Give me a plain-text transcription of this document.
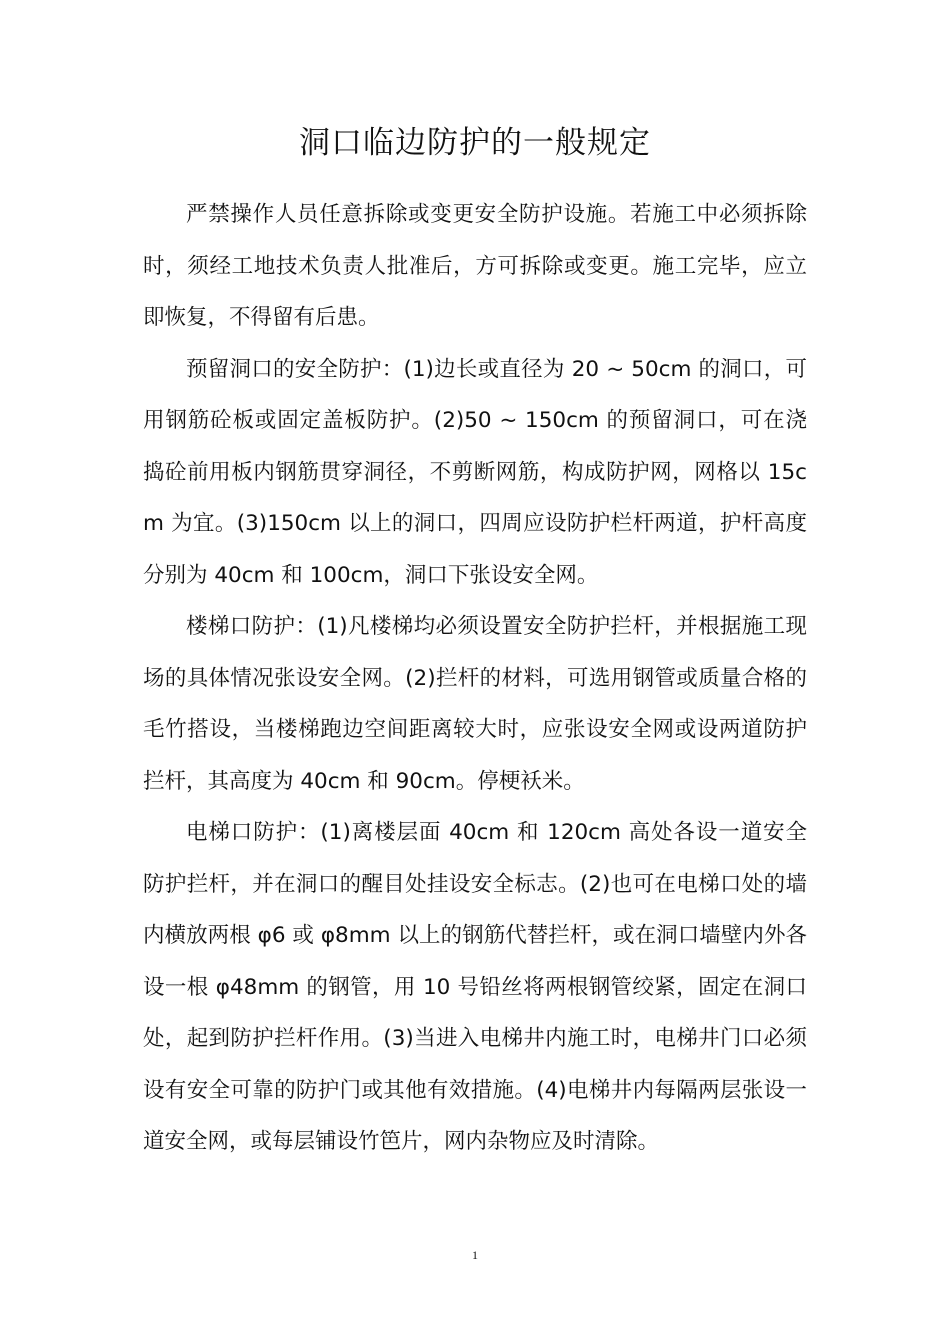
洞口临边防护的一般规定

严禁操作人员任意拆除或变更安全防护设施。若施工中必须拆除时，须经工地技术负责人批准后，方可拆除或变更。施工完毕，应立即恢复，不得留有后患。

预留洞口的安全防护：(1)边长或直径为 20 ~ 50cm 的洞口，可用钢筋砼板或固定盖板防护。(2)50 ~ 150cm 的预留洞口，可在浇捣砼前用板内钢筋贯穿洞径，不剪断网筋，构成防护网，网格以 15cm 为宜。(3)150cm 以上的洞口，四周应设防护栏杆两道，护杆高度分别为 40cm 和 100cm，洞口下张设安全网。

楼梯口防护：(1)凡楼梯均必须设置安全防护拦杆，并根据施工现场的具体情况张设安全网。(2)拦杆的材料，可选用钢管或质量合格的毛竹搭设，当楼梯跑边空间距离较大时，应张设安全网或设两道防护拦杆，其高度为 40cm 和 90cm。停梗袄米。

电梯口防护：(1)离楼层面 40cm 和 120cm 高处各设一道安全防护拦杆，并在洞口的醒目处挂设安全标志。(2)也可在电梯口处的墙内横放两根 φ6 或 φ8mm 以上的钢筋代替拦杆，或在洞口墙壁内外各设一根 φ48mm 的钢管，用 10 号铅丝将两根钢管绞紧，固定在洞口处，起到防护拦杆作用。(3)当进入电梯井内施工时，电梯井门口必须设有安全可靠的防护门或其他有效措施。(4)电梯井内每隔两层张设一道安全网，或每层铺设竹笆片，网内杂物应及时清除。

1
